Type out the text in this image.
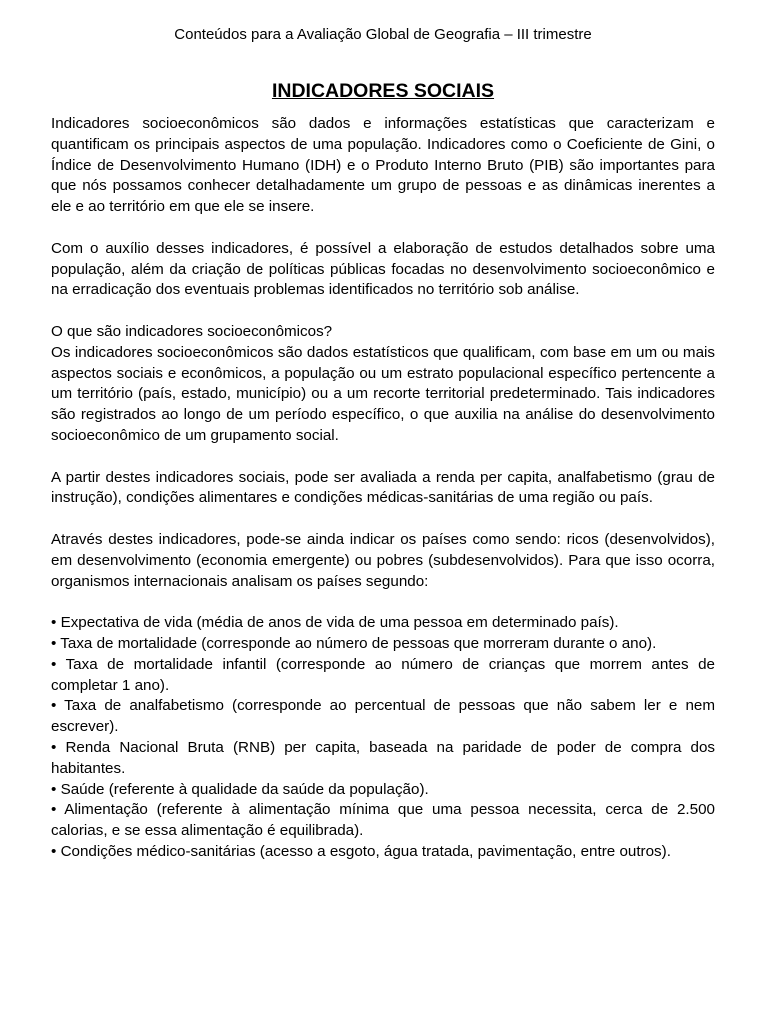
Conteúdos para a Avaliação Global de Geografia – III trimestre
INDICADORES SOCIAIS

Indicadores socioeconômicos são dados e informações estatísticas que caracterizam e quantificam os principais aspectos de uma população. Indicadores como o Coeficiente de Gini, o Índice de Desenvolvimento Humano (IDH) e o Produto Interno Bruto (PIB) são importantes para que nós possamos conhecer detalhadamente um grupo de pessoas e as dinâmicas inerentes a ele e ao território em que ele se insere.

Com o auxílio desses indicadores, é possível a elaboração de estudos detalhados sobre uma população, além da criação de políticas públicas focadas no desenvolvimento socioeconômico e na erradicação dos eventuais problemas identificados no território sob análise.

O que são indicadores socioeconômicos?

Os indicadores socioeconômicos são dados estatísticos que qualificam, com base em um ou mais aspectos sociais e econômicos, a população ou um estrato populacional específico pertencente a um território (país, estado, município) ou a um recorte territorial predeterminado. Tais indicadores são registrados ao longo de um período específico, o que auxilia na análise do desenvolvimento socioeconômico de um grupamento social.

A partir destes indicadores sociais, pode ser avaliada a renda per capita, analfabetismo (grau de instrução), condições alimentares e condições médicas-sanitárias de uma região ou país.

Através destes indicadores, pode-se ainda indicar os países como sendo: ricos (desenvolvidos), em desenvolvimento (economia emergente) ou pobres (subdesenvolvidos). Para que isso ocorra, organismos internacionais analisam os países segundo:

• Expectativa de vida (média de anos de vida de uma pessoa em determinado país).
• Taxa de mortalidade (corresponde ao número de pessoas que morreram durante o ano).
• Taxa de mortalidade infantil (corresponde ao número de crianças que morrem antes de completar 1 ano).
• Taxa de analfabetismo (corresponde ao percentual de pessoas que não sabem ler e nem escrever).
• Renda Nacional Bruta (RNB) per capita, baseada na paridade de poder de compra dos habitantes.
• Saúde (referente à qualidade da saúde da população).
• Alimentação (referente à alimentação mínima que uma pessoa necessita, cerca de 2.500 calorias, e se essa alimentação é equilibrada).
• Condições médico-sanitárias (acesso a esgoto, água tratada, pavimentação, entre outros).
